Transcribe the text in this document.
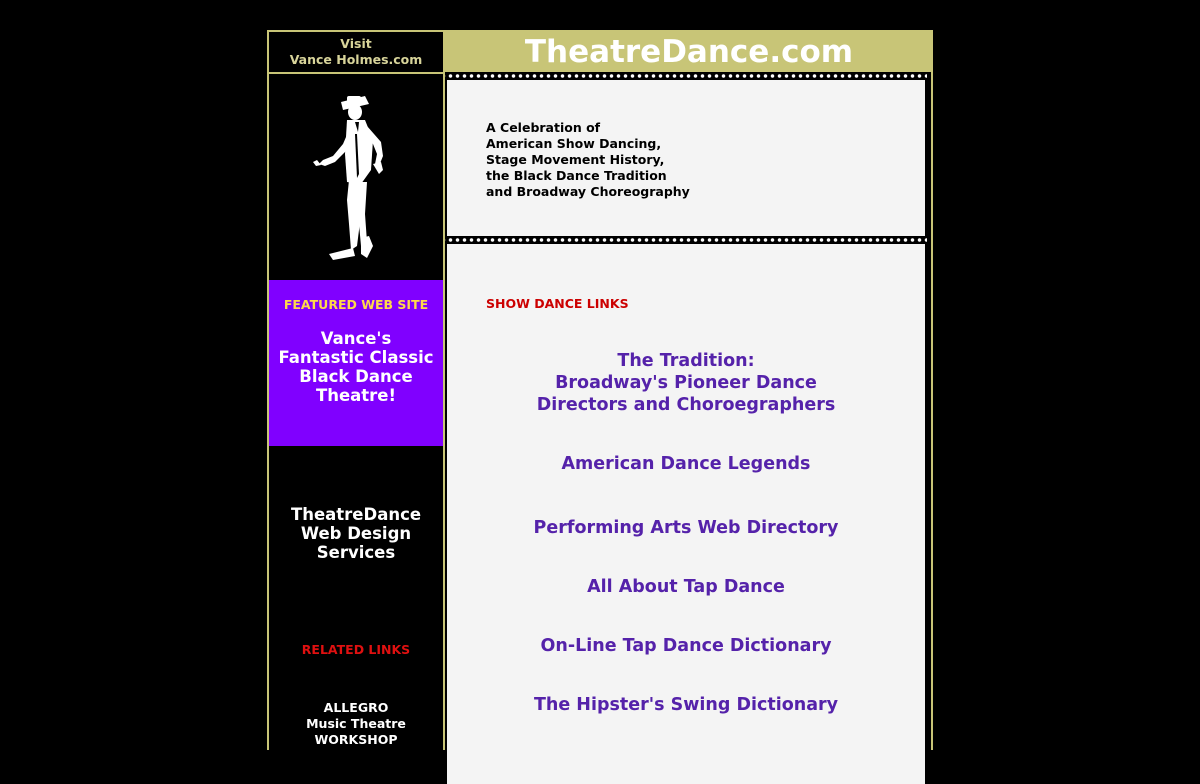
Visit
Vance Holmes.com	TheatreDance.com
FEATURED WEB SITE
Vance's
Fantastic Classic
Black Dance
Theatre!
TheatreDance
Web Design
Services
RELATED LINKS
ALLEGRO
Music Theatre
WORKSHOP
A Celebration of
American Show Dancing,
Stage Movement History,
the Black Dance Tradition
and Broadway Choreography
SHOW DANCE LINKS
The Tradition:
Broadway's Pioneer Dance
Directors and Choroegraphers
American Dance Legends
Performing Arts Web Directory
All About Tap Dance
On-Line Tap Dance Dictionary
The Hipster's Swing Dictionary
